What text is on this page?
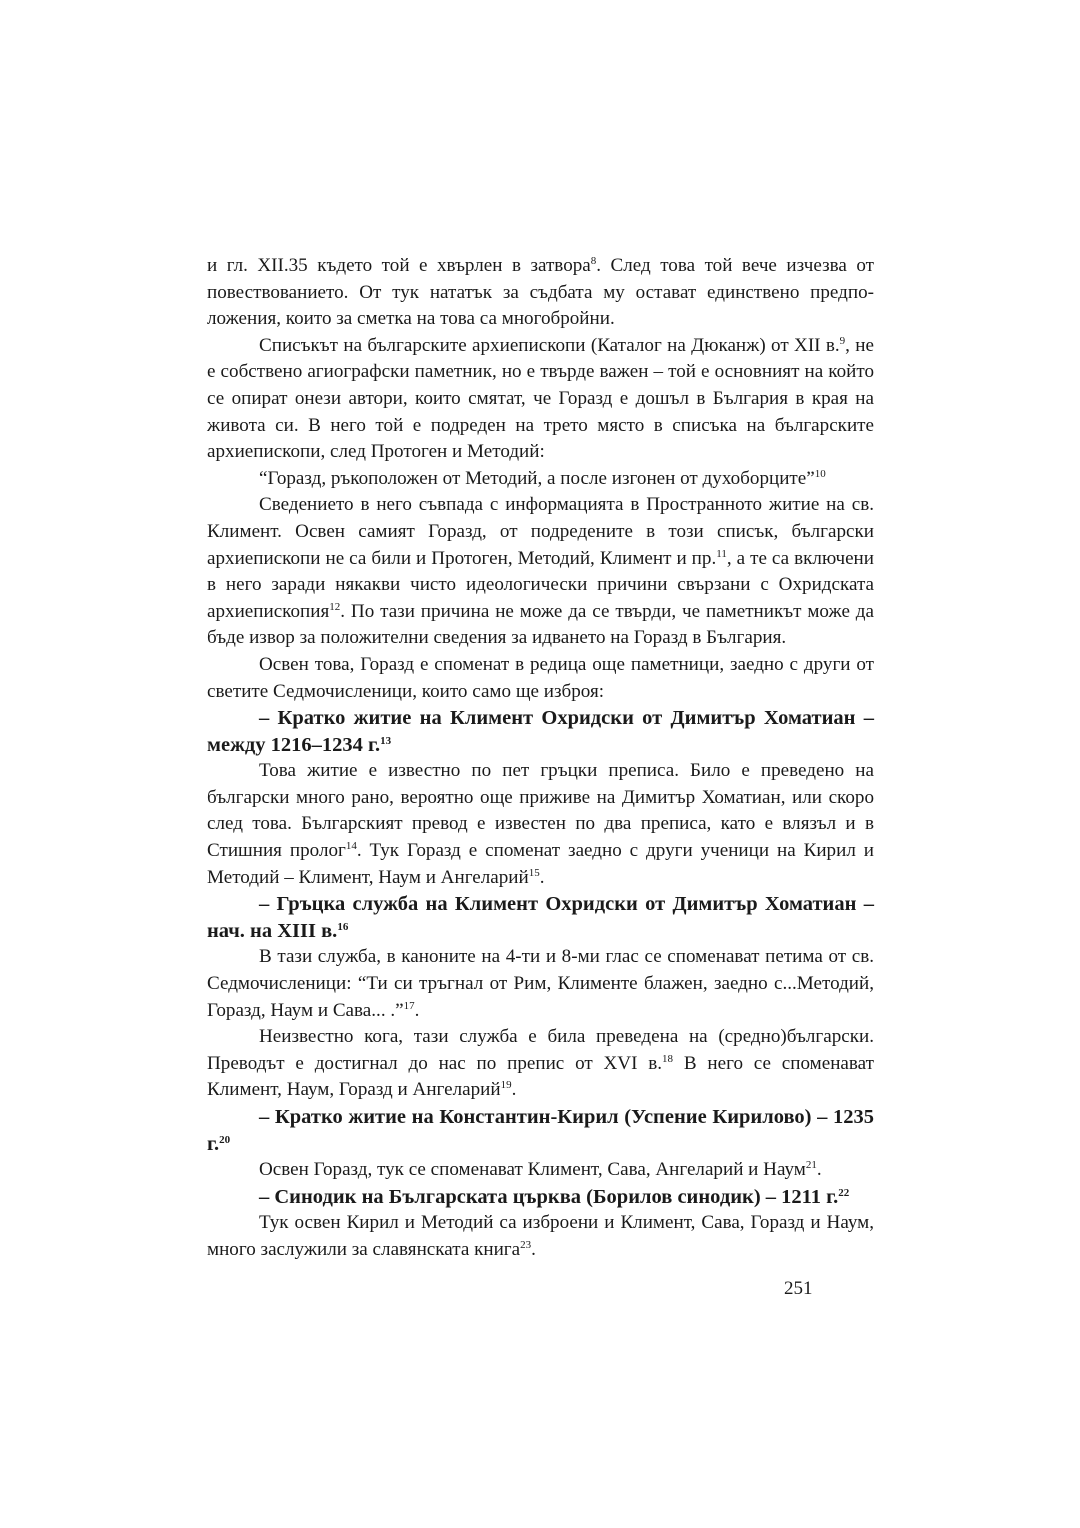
и гл. XII.35 където той е хвърлен в затвора$^8$. След това той вече изчезва от повествованието. От тук нататък за съдбата му остават единствено предположения, които за сметка на това са многобройни.

Списъкът на българските архиепископи (Каталог на Дюканж) от XII в.$^9$, не е собствено агиографски паметник, но е твърде важен – той е основният на който се опират онези автори, които смятат, че Горазд е дошъл в България в края на живота си. В него той е подреден на трето място в списъка на българските архиепископи, след Протоген и Методий:

“Горазд, ръкоположен от Методий, а после изгонен от духоборците”$^{10}$

Сведението в него съвпада с информацията в Пространното житие на св. Климент. Освен самият Горазд, от подредените в този списък, български архиепископи не са били и Протоген, Методий, Климент и пр.$^{11}$, а те са включени в него заради някакви чисто идеологически причини свързани с Охридската архиепископия$^{12}$. По тази причина не може да се твърди, че паметникът може да бъде извор за положителни сведения за идването на Горазд в България.

Освен това, Горазд е споменат в редица още паметници, заедно с други от светите Седмочисленици, които само ще изброя:

– Кратко житие на Климент Охридски от Димитър Хоматиан – между 1216–1234 г.$^{13}$

Това житие е известно по пет гръцки преписа. Било е преведено на български много рано, вероятно още приживе на Димитър Хоматиан, или скоро след това. Българският превод е известен по два преписа, като е влязъл и в Стишния пролог$^{14}$. Тук Горазд е споменат заедно с други ученици на Кирил и Методий – Климент, Наум и Ангеларий$^{15}$.

– Гръцка служба на Климент Охридски от Димитър Хоматиан – нач. на XIII в.$^{16}$

В тази служба, в каноните на 4-ти и 8-ми глас се споменават петима от св. Седмочисленици: “Ти си тръгнал от Рим, Клименте блажен, заедно с...Методий, Горазд, Наум и Сава... .”$^{17}$.

Неизвестно кога, тази служба е била преведена на (средно)български. Преводът е достигнал до нас по препис от XVI в.$^{18}$ В него се споменават Климент, Наум, Горазд и Ангеларий$^{19}$.

– Кратко житие на Константин-Кирил (Успение Кирилово) – 1235 г.$^{20}$

Освен Горазд, тук се споменават Климент, Сава, Ангеларий и Наум$^{21}$.

– Синодик на Българската църква (Борилов синодик) – 1211 г.$^{22}$

Тук освен Кирил и Методий са изброени и Климент, Сава, Горазд и Наум, много заслужили за славянската книга$^{23}$.

251
